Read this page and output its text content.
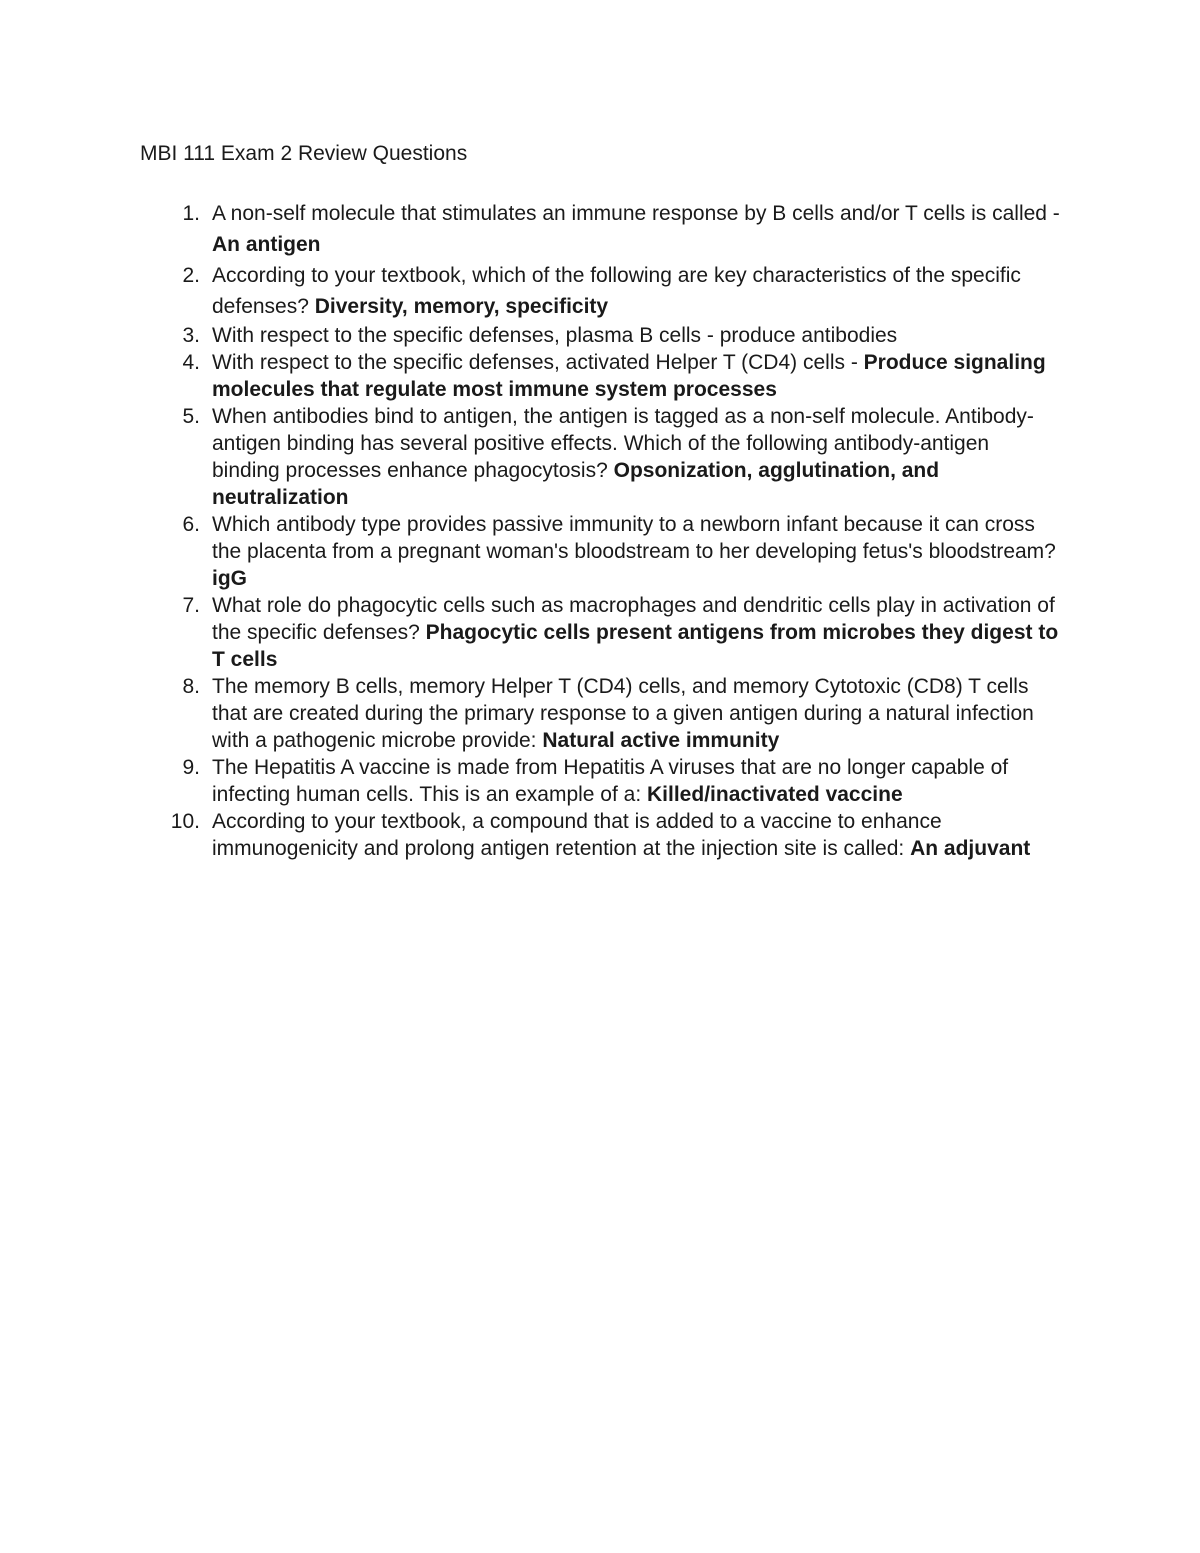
MBI 111 Exam 2 Review Questions
1. A non-self molecule that stimulates an immune response by B cells and/or T cells is called - An antigen
2. According to your textbook, which of the following are key characteristics of the specific defenses? Diversity, memory, specificity
3. With respect to the specific defenses, plasma B cells - produce antibodies
4. With respect to the specific defenses, activated Helper T (CD4) cells - Produce signaling molecules that regulate most immune system processes
5. When antibodies bind to antigen, the antigen is tagged as a non-self molecule. Antibody-antigen binding has several positive effects. Which of the following antibody-antigen binding processes enhance phagocytosis? Opsonization, agglutination, and neutralization
6. Which antibody type provides passive immunity to a newborn infant because it can cross the placenta from a pregnant woman's bloodstream to her developing fetus's bloodstream? igG
7. What role do phagocytic cells such as macrophages and dendritic cells play in activation of the specific defenses? Phagocytic cells present antigens from microbes they digest to T cells
8. The memory B cells, memory Helper T (CD4) cells, and memory Cytotoxic (CD8) T cells that are created during the primary response to a given antigen during a natural infection with a pathogenic microbe provide: Natural active immunity
9. The Hepatitis A vaccine is made from Hepatitis A viruses that are no longer capable of infecting human cells. This is an example of a: Killed/inactivated vaccine
10. According to your textbook, a compound that is added to a vaccine to enhance immunogenicity and prolong antigen retention at the injection site is called: An adjuvant
